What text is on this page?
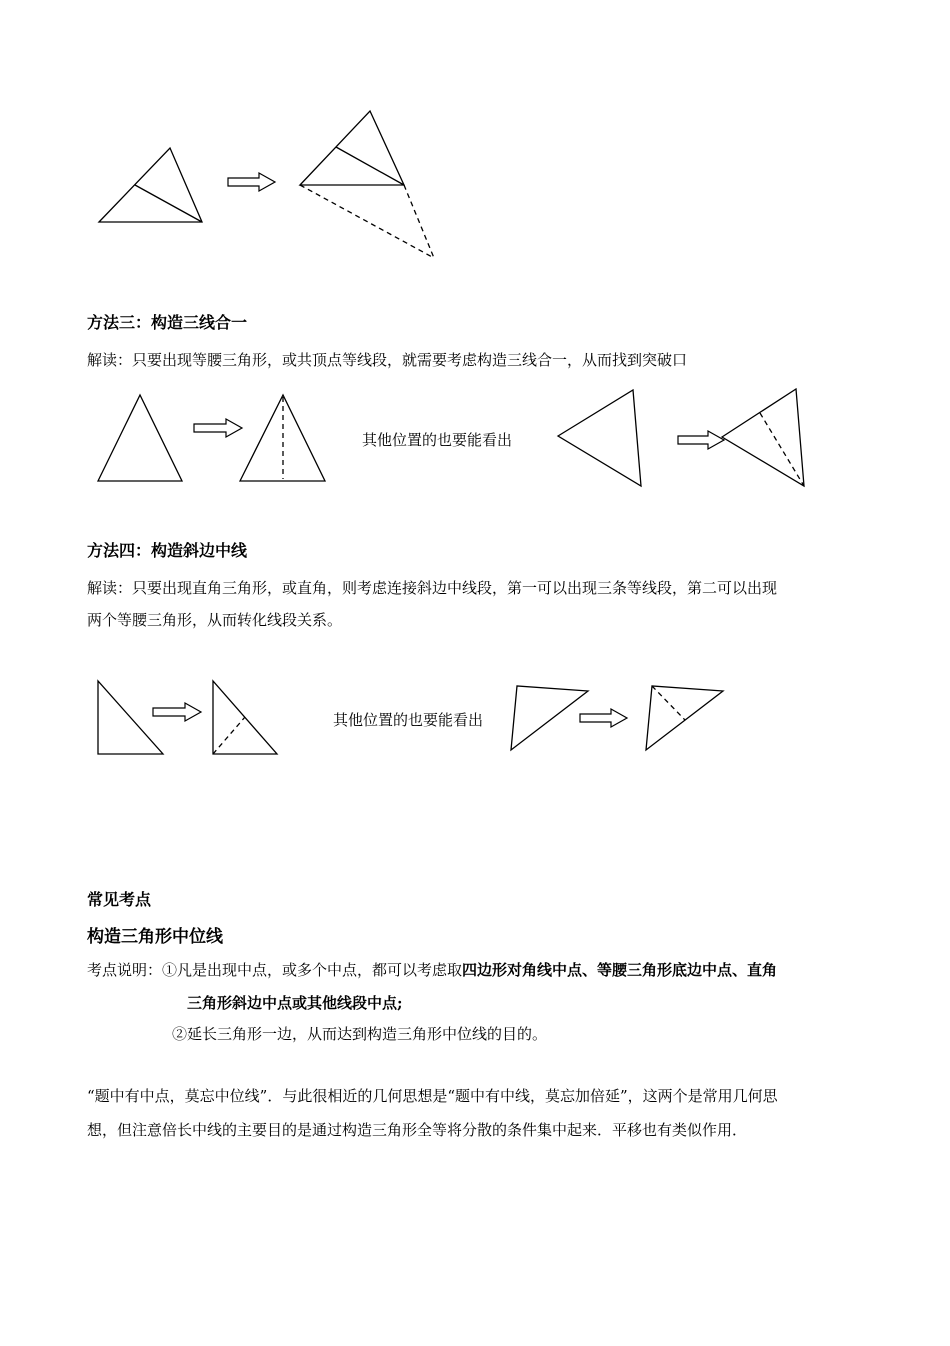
方法三：构造三线合一
解读：只要出现等腰三角形，或共顶点等线段，就需要考虑构造三线合一，从而找到突破口
其他位置的也要能看出
方法四：构造斜边中线
解读：只要出现直角三角形，或直角，则考虑连接斜边中线段，第一可以出现三条等线段，第二可以出现
两个等腰三角形，从而转化线段关系。
其他位置的也要能看出
常见考点
构造三角形中位线
考点说明：①凡是出现中点，或多个中点，都可以考虑取四边形对角线中点、等腰三角形底边中点、直角
三角形斜边中点或其他线段中点;
②延长三角形一边，从而达到构造三角形中位线的目的。
“题中有中点，莫忘中位线”．与此很相近的几何思想是“题中有中线，莫忘加倍延”，这两个是常用几何思
想，但注意倍长中线的主要目的是通过构造三角形全等将分散的条件集中起来．平移也有类似作用．
